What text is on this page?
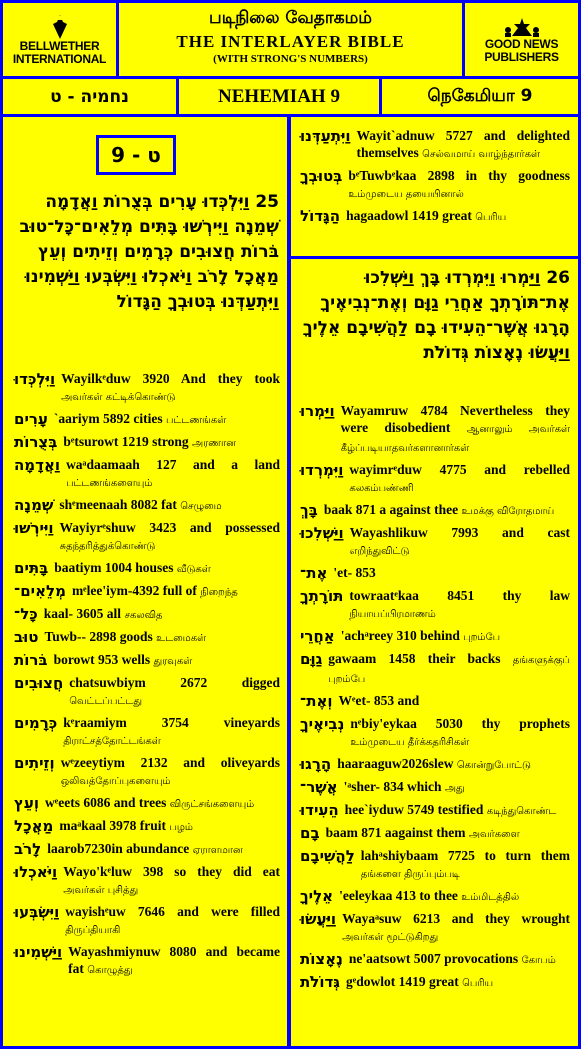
BELLWETHER
INTERNATIONAL
படிநிலை வேதாகமம்
THE INTERLAYER BIBLE
(WITH STRONG'S NUMBERS)
GOOD NEWS
PUBLISHERS
נחמיה - ט	NEHEMIAH 9	நெகேமியா 9
ט - 9
25 וַיִּלְכְּדוּ עָרִים בְּצֻרוֹת וַאֲדָמָה שְׁמֵנָה וַיִּירְשׁוּ בָּתִּים מְלֵאִים־כָּל־טוּב בֹּרוֹת חֲצוּבִים כְּרָמִים וְזֵיתִים וְעֵץ מַאֲכָל לָרֹב וַיֹּאכְלוּ וַיִּשְׂבְּעוּ וַיַּשְׁמִינוּ וַיִּתְעַדְּנוּ בְּטוּבְךָ הַגָּדוֹל
וַיִּלְכְּדוּ Wayilkᵉduw 3920 And they took அவர்கள் கட்டிக்கொண்டு
עָרִים `aariym 5892 cities பட்டணங்கள்
בְּצֻרוֹת bᵉtsurowt 1219 strong அரணான
וַאֲדָמָה waᵃdaamaah 127 and a land பட்டணங்களையும்
שְׁמֵנָה shᵉmeenaah 8082 fat செழுமை
וַיִּירְשׁוּ Wayiyrᵉshuw 3423 and possessed சுதந்தரித்துக்கொண்டு
בָּתִּים baatiym 1004 houses வீடுகள்
מְלֵאִים־ mᵉlee'iym-4392 full of நிறைந்த
כָּל־ kaal- 3605 all சகலவித
טוּב Tuwb-- 2898 goods உடமைகள்
בֹּרוֹת borowt 953 wells துரவுகள்
חֲצוּבִים chatsuwbiym 2672 digged வெட்டப்பட்டது
כְּרָמִים kᵉraamiym 3754 vineyards திராட்சத்தோட்டங்கள்
וְזֵיתִים wᵉzeeytiym 2132 and oliveyards ஒலிவத்தோப்புகளையும்
וְעֵץ wᵉeets 6086 and trees விருட்சங்களையும்
מַאֲכָל maᵃkaal 3978 fruit பழம்
לָרֹב laarob7230in abundance ஏராளமான
וַיֹּאכְלוּ Wayo'kᵉluw 398 so they did eat அவர்கள் புசித்து
וַיִּשְׂבְּעוּ wayishᵉuw 7646 and were filled திருப்தியாகி
וַיַּשְׁמִינוּ Wayashmiynuw 8080 and became fat கொழுத்து
וַיִּתְעַדְּנוּ Wayit`adnuw 5727 and delighted themselves செல்வமாய் வாழ்ந்தார்கள்
בְּטוּבְךָ bᵉTuwbᵉkaa 2898 in thy goodness உம்முடைய தயையினால்
הַגָּדוֹל hagaadowl 1419 great பெரிய
26 וַיַּמְרוּ וַיִּמְרְדוּ בָּךְ וַיַּשְׁלִכוּ אֶת־תּוֹרָתְךָ אַחֲרֵי גַוָּם וְאֶת־נְבִיאֶיךָ הָרָגוּ אֲשֶׁר־הֵעִידוּ בָם לַהֲשִׁיבָם אֵלֶיךָ וַיַּעֲשׂוּ נֶאָצוֹת גְּדוֹלֹת
וַיַּמְרוּ Wayamruw 4784 Nevertheless they were disobedient ஆனாலும் அவர்கள் கீழ்ப்படியாதவர்களானார்கள்
וַיִּמְרְדוּ wayimrᵉduw 4775 and rebelled கலகம்பண்ணி
בָּךְ baak 871 a against thee உமக்கு விரோதமாய்
וַיַּשְׁלִכוּ Wayashlikuw 7993 and cast எறிந்துவிட்டு
אֶת־ 'et- 853
תּוֹרָתְךָ towraatᵉkaa 8451 thy law நியாயப்பிரமாணம்
אַחֲרֵי 'achᵃreey 310 behind புறம்பே
גַוָּם gawaam 1458 their backs தங்களுக்குப் புறம்பே
וְאֶת־ Wᵉet- 853 and
נְבִיאֶיךָ nᵉbiy'eykaa 5030 thy prophets உம்முடைய தீர்க்கதரிசிகள்
הָרָגוּ haaraaguw2026slew கொன்றுபோட்டு
אֲשֶׁר־ 'ᵃsher- 834 which அது
הֵעִידוּ hee`iyduw 5749 testified கடிந்துகொண்ட
בָם baam 871 aagainst them அவர்களை
לַהֲשִׁיבָם lahᵃshiybaam 7725 to turn them தங்களை திருப்பும்படி
אֵלֶיךָ 'eeleykaa 413 to thee உம்மிடத்தில்
וַיַּעֲשׂוּ Wayaᵃsuw 6213 and they wrought அவர்கள் மூட்டுகிறது
נֶאָצוֹת ne'aatsowt 5007 provocations கோபம்
גְּדוֹלֹת gᵉdowlot 1419 great பெரிய
